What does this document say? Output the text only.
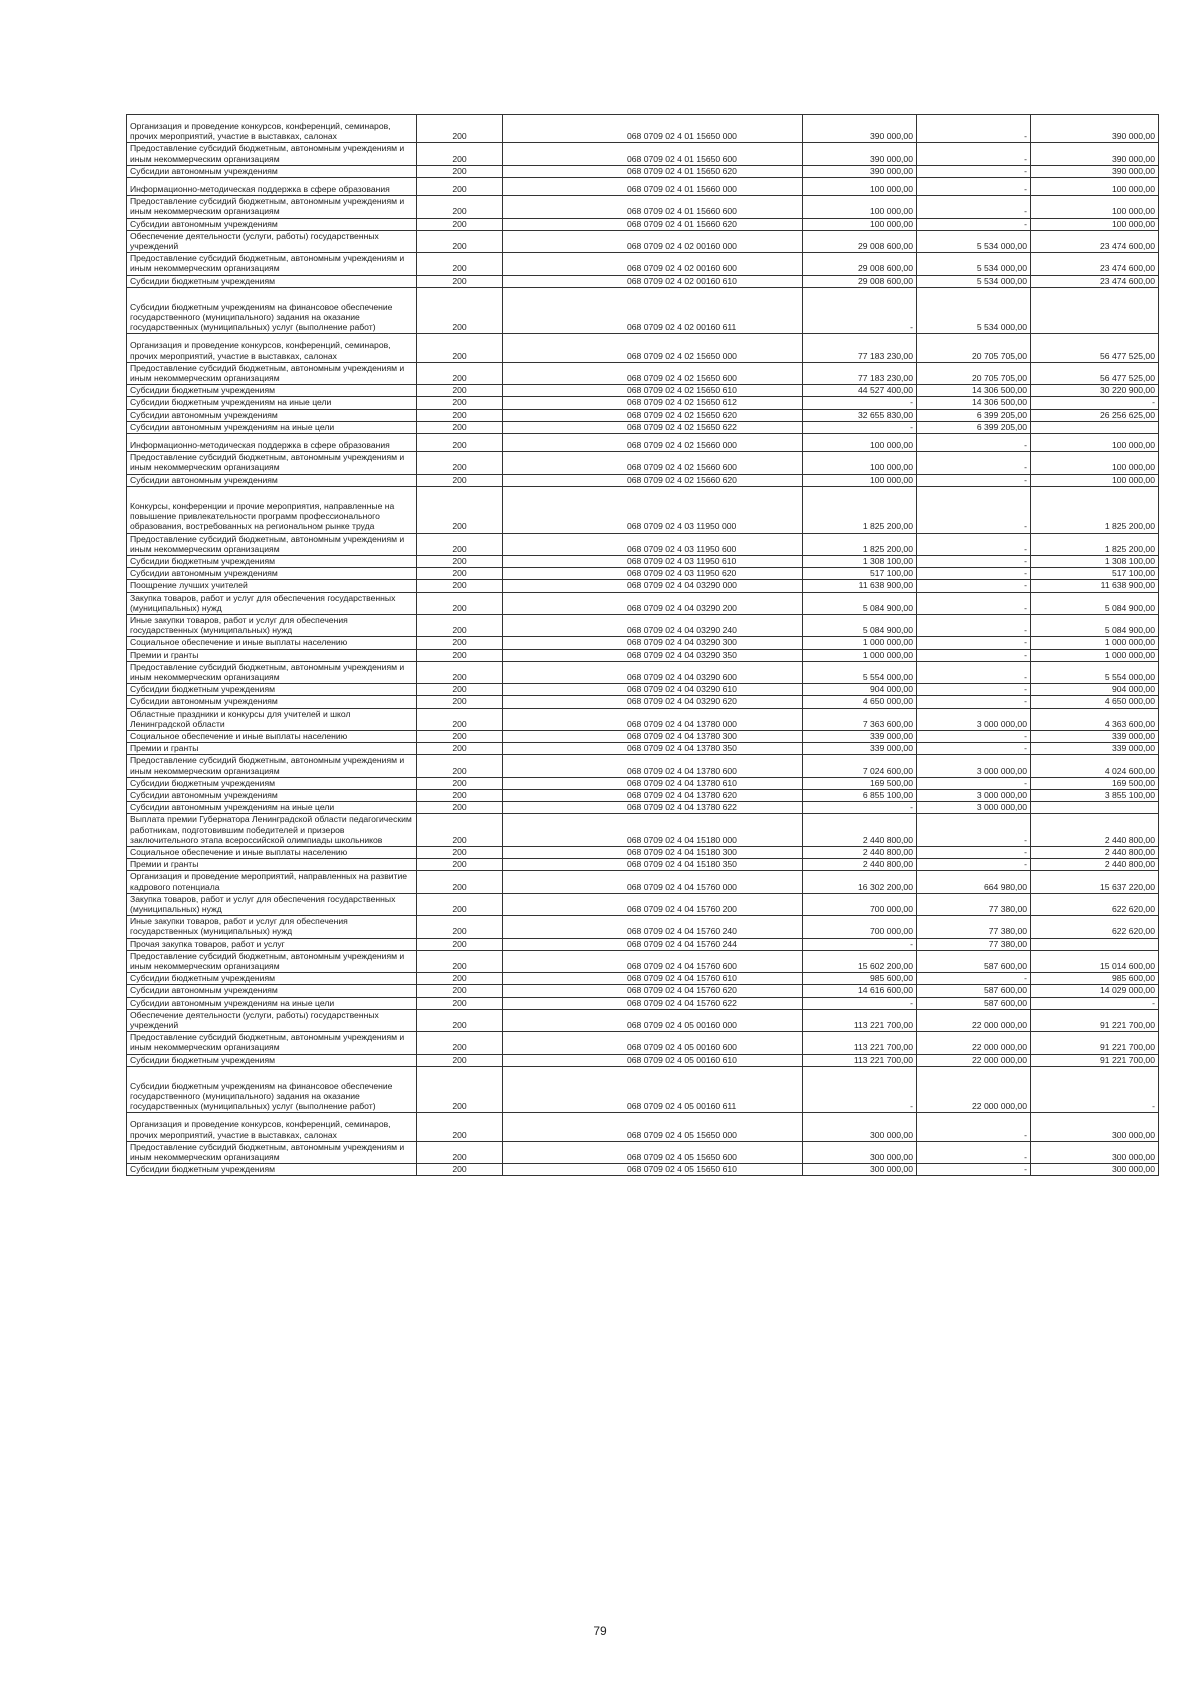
Организация и проведение конкурсов, конференций, семинаров, прочих мероприятий, участие в выставках, салонах	200	068 0709 02 4 01 15650 000	390 000,00	-	390 000,00
Предоставление субсидий бюджетным, автономным учреждениям и иным некоммерческим организациям	200	068 0709 02 4 01 15650 600	390 000,00	-	390 000,00
Субсидии автономным учреждениям	200	068 0709 02 4 01 15650 620	390 000,00	-	390 000,00
Информационно-методическая поддержка в сфере образования	200	068 0709 02 4 01 15660 000	100 000,00	-	100 000,00
Предоставление субсидий бюджетным, автономным учреждениям и иным некоммерческим организациям	200	068 0709 02 4 01 15660 600	100 000,00	-	100 000,00
Субсидии автономным учреждениям	200	068 0709 02 4 01 15660 620	100 000,00	-	100 000,00
Обеспечение деятельности (услуги, работы) государственных учреждений	200	068 0709 02 4 02 00160 000	29 008 600,00	5 534 000,00	23 474 600,00
Предоставление субсидий бюджетным, автономным учреждениям и иным некоммерческим организациям	200	068 0709 02 4 02 00160 600	29 008 600,00	5 534 000,00	23 474 600,00
Субсидии бюджетным учреждениям	200	068 0709 02 4 02 00160 610	29 008 600,00	5 534 000,00	23 474 600,00
Субсидии бюджетным учреждениям на финансовое обеспечение государственного (муниципального) задания на оказание государственных (муниципальных) услуг (выполнение работ)	200	068 0709 02 4 02 00160 611	-	5 534 000,00	
Организация и проведение конкурсов, конференций, семинаров, прочих мероприятий, участие в выставках, салонах	200	068 0709 02 4 02 15650 000	77 183 230,00	20 705 705,00	56 477 525,00
Предоставление субсидий бюджетным, автономным учреждениям и иным некоммерческим организациям	200	068 0709 02 4 02 15650 600	77 183 230,00	20 705 705,00	56 477 525,00
Субсидии бюджетным учреждениям	200	068 0709 02 4 02 15650 610	44 527 400,00	14 306 500,00	30 220 900,00
Субсидии бюджетным учреждениям на иные цели	200	068 0709 02 4 02 15650 612	-	14 306 500,00	-
Субсидии автономным учреждениям	200	068 0709 02 4 02 15650 620	32 655 830,00	6 399 205,00	26 256 625,00
Субсидии автономным учреждениям на иные цели	200	068 0709 02 4 02 15650 622	-	6 399 205,00	
Информационно-методическая поддержка в сфере образования	200	068 0709 02 4 02 15660 000	100 000,00	-	100 000,00
Предоставление субсидий бюджетным, автономным учреждениям и иным некоммерческим организациям	200	068 0709 02 4 02 15660 600	100 000,00	-	100 000,00
Субсидии автономным учреждениям	200	068 0709 02 4 02 15660 620	100 000,00	-	100 000,00
Конкурсы, конференции и прочие мероприятия, направленные на повышение привлекательности программ профессионального образования, востребованных на региональном рынке труда	200	068 0709 02 4 03 11950 000	1 825 200,00	-	1 825 200,00
Предоставление субсидий бюджетным, автономным учреждениям и иным некоммерческим организациям	200	068 0709 02 4 03 11950 600	1 825 200,00	-	1 825 200,00
Субсидии бюджетным учреждениям	200	068 0709 02 4 03 11950 610	1 308 100,00	-	1 308 100,00
Субсидии автономным учреждениям	200	068 0709 02 4 03 11950 620	517 100,00	-	517 100,00
Поощрение лучших учителей	200	068 0709 02 4 04 03290 000	11 638 900,00	-	11 638 900,00
Закупка товаров, работ и услуг для обеспечения государственных (муниципальных) нужд	200	068 0709 02 4 04 03290 200	5 084 900,00	-	5 084 900,00
Иные закупки товаров, работ и услуг для обеспечения государственных (муниципальных) нужд	200	068 0709 02 4 04 03290 240	5 084 900,00	-	5 084 900,00
Социальное обеспечение и иные выплаты населению	200	068 0709 02 4 04 03290 300	1 000 000,00	-	1 000 000,00
Премии и гранты	200	068 0709 02 4 04 03290 350	1 000 000,00	-	1 000 000,00
Предоставление субсидий бюджетным, автономным учреждениям и иным некоммерческим организациям	200	068 0709 02 4 04 03290 600	5 554 000,00	-	5 554 000,00
Субсидии бюджетным учреждениям	200	068 0709 02 4 04 03290 610	904 000,00	-	904 000,00
Субсидии автономным учреждениям	200	068 0709 02 4 04 03290 620	4 650 000,00	-	4 650 000,00
Областные праздники и конкурсы для учителей и школ Ленинградской области	200	068 0709 02 4 04 13780 000	7 363 600,00	3 000 000,00	4 363 600,00
Социальное обеспечение и иные выплаты населению	200	068 0709 02 4 04 13780 300	339 000,00	-	339 000,00
Премии и гранты	200	068 0709 02 4 04 13780 350	339 000,00	-	339 000,00
Предоставление субсидий бюджетным, автономным учреждениям и иным некоммерческим организациям	200	068 0709 02 4 04 13780 600	7 024 600,00	3 000 000,00	4 024 600,00
Субсидии бюджетным учреждениям	200	068 0709 02 4 04 13780 610	169 500,00	-	169 500,00
Субсидии автономным учреждениям	200	068 0709 02 4 04 13780 620	6 855 100,00	3 000 000,00	3 855 100,00
Субсидии автономным учреждениям на иные цели	200	068 0709 02 4 04 13780 622	-	3 000 000,00	
Выплата премии Губернатора Ленинградской области педагогическим работникам, подготовившим победителей и призеров заключительного этапа всероссийской олимпиады школьников	200	068 0709 02 4 04 15180 000	2 440 800,00	-	2 440 800,00
Социальное обеспечение и иные выплаты населению	200	068 0709 02 4 04 15180 300	2 440 800,00	-	2 440 800,00
Премии и гранты	200	068 0709 02 4 04 15180 350	2 440 800,00	-	2 440 800,00
Организация и проведение мероприятий, направленных на развитие кадрового потенциала	200	068 0709 02 4 04 15760 000	16 302 200,00	664 980,00	15 637 220,00
Закупка товаров, работ и услуг для обеспечения государственных (муниципальных) нужд	200	068 0709 02 4 04 15760 200	700 000,00	77 380,00	622 620,00
Иные закупки товаров, работ и услуг для обеспечения государственных (муниципальных) нужд	200	068 0709 02 4 04 15760 240	700 000,00	77 380,00	622 620,00
Прочая закупка товаров, работ и услуг	200	068 0709 02 4 04 15760 244	-	77 380,00	
Предоставление субсидий бюджетным, автономным учреждениям и иным некоммерческим организациям	200	068 0709 02 4 04 15760 600	15 602 200,00	587 600,00	15 014 600,00
Субсидии бюджетным учреждениям	200	068 0709 02 4 04 15760 610	985 600,00	-	985 600,00
Субсидии автономным учреждениям	200	068 0709 02 4 04 15760 620	14 616 600,00	587 600,00	14 029 000,00
Субсидии автономным учреждениям на иные цели	200	068 0709 02 4 04 15760 622	-	587 600,00	-
Обеспечение деятельности (услуги, работы) государственных учреждений	200	068 0709 02 4 05 00160 000	113 221 700,00	22 000 000,00	91 221 700,00
Предоставление субсидий бюджетным, автономным учреждениям и иным некоммерческим организациям	200	068 0709 02 4 05 00160 600	113 221 700,00	22 000 000,00	91 221 700,00
Субсидии бюджетным учреждениям	200	068 0709 02 4 05 00160 610	113 221 700,00	22 000 000,00	91 221 700,00
Субсидии бюджетным учреждениям на финансовое обеспечение государственного (муниципального) задания на оказание государственных (муниципальных) услуг (выполнение работ)	200	068 0709 02 4 05 00160 611	-	22 000 000,00	-
Организация и проведение конкурсов, конференций, семинаров, прочих мероприятий, участие в выставках, салонах	200	068 0709 02 4 05 15650 000	300 000,00	-	300 000,00
Предоставление субсидий бюджетным, автономным учреждениям и иным некоммерческим организациям	200	068 0709 02 4 05 15650 600	300 000,00	-	300 000,00
Субсидии бюджетным учреждениям	200	068 0709 02 4 05 15650 610	300 000,00	-	300 000,00
79
